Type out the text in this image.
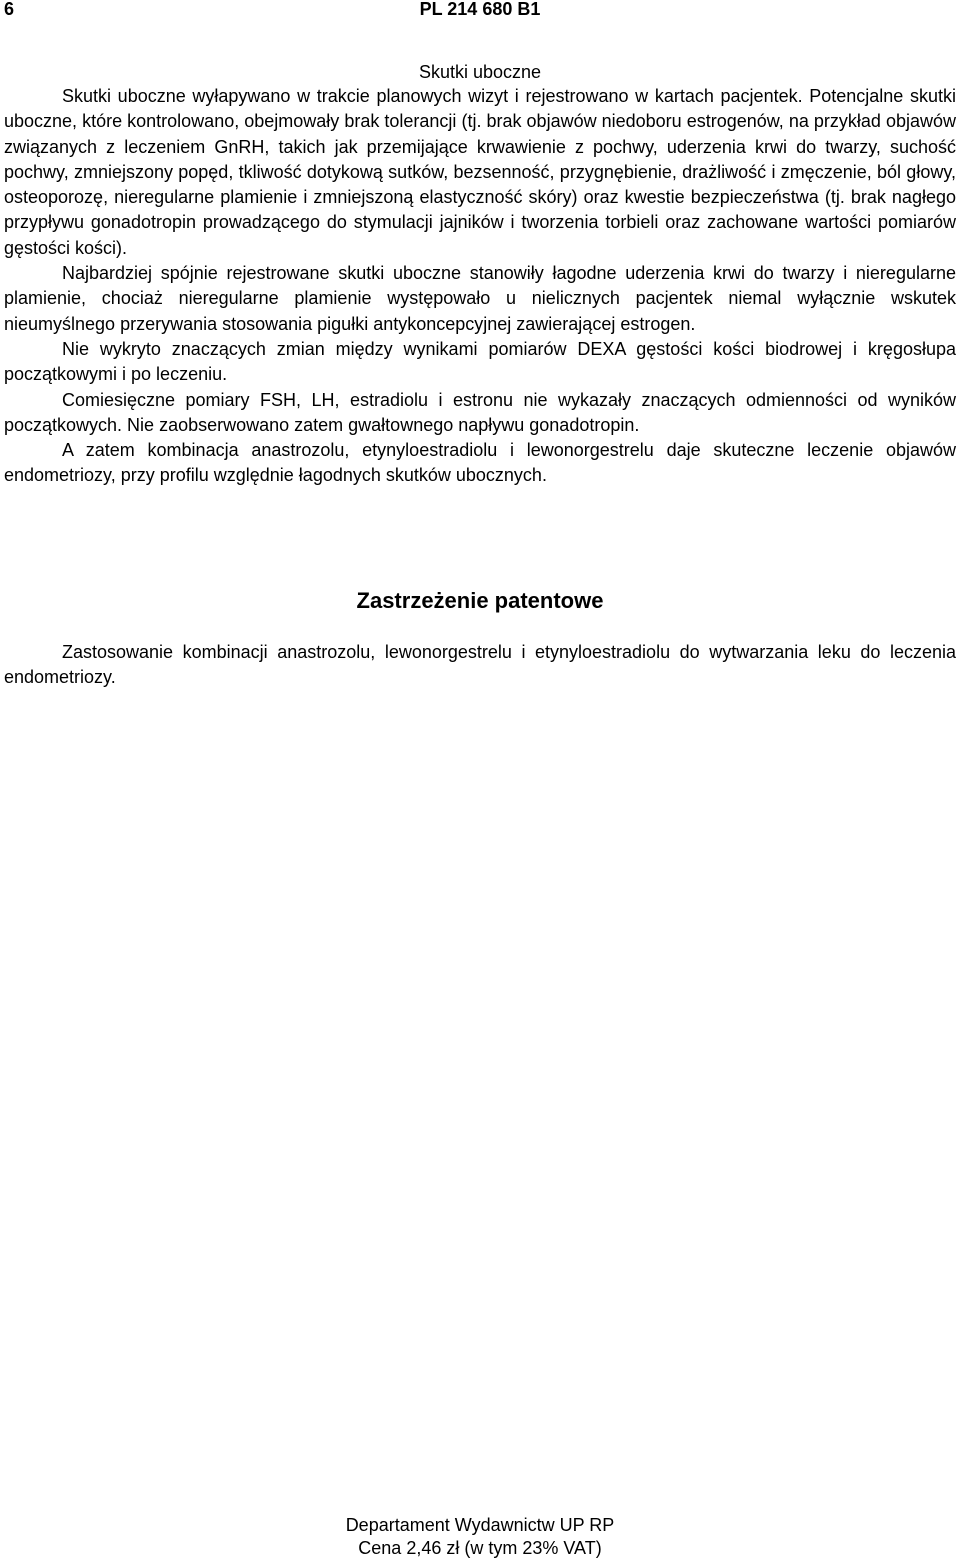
6	PL 214 680 B1
Skutki uboczne

Skutki uboczne wyłapywano w trakcie planowych wizyt i rejestrowano w kartach pacjentek. Potencjalne skutki uboczne, które kontrolowano, obejmowały brak tolerancji (tj. brak objawów niedoboru estrogenów, na przykład objawów związanych z leczeniem GnRH, takich jak przemijające krwawienie z pochwy, uderzenia krwi do twarzy, suchość pochwy, zmniejszony popęd, tkliwość dotykową sutków, bezsenność, przygnębienie, drażliwość i zmęczenie, ból głowy, osteoporozę, nieregularne plamienie i zmniejszoną elastyczność skóry) oraz kwestie bezpieczeństwa (tj. brak nagłego przypływu gonadotropin prowadzącego do stymulacji jajników i tworzenia torbieli oraz zachowane wartości pomiarów gęstości kości).

Najbardziej spójnie rejestrowane skutki uboczne stanowiły łagodne uderzenia krwi do twarzy i nieregularne plamienie, chociaż nieregularne plamienie występowało u nielicznych pacjentek niemal wyłącznie wskutek nieumyślnego przerywania stosowania pigułki antykoncepcyjnej zawierającej estrogen.

Nie wykryto znaczących zmian między wynikami pomiarów DEXA gęstości kości biodrowej i kręgosłupa początkowymi i po leczeniu.

Comiesięczne pomiary FSH, LH, estradiolu i estronu nie wykazały znaczących odmienności od wyników początkowych. Nie zaobserwowano zatem gwałtownego napływu gonadotropin.

A zatem kombinacja anastrozolu, etynyloestradiolu i lewonorgestrelu daje skuteczne leczenie objawów endometriozy, przy profilu względnie łagodnych skutków ubocznych.

Zastrzeżenie patentowe

Zastosowanie kombinacji anastrozolu, lewonorgestrelu i etynyloestradiolu do wytwarzania leku do leczenia endometriozy.

Departament Wydawnictw UP RP
Cena 2,46 zł (w tym 23% VAT)
